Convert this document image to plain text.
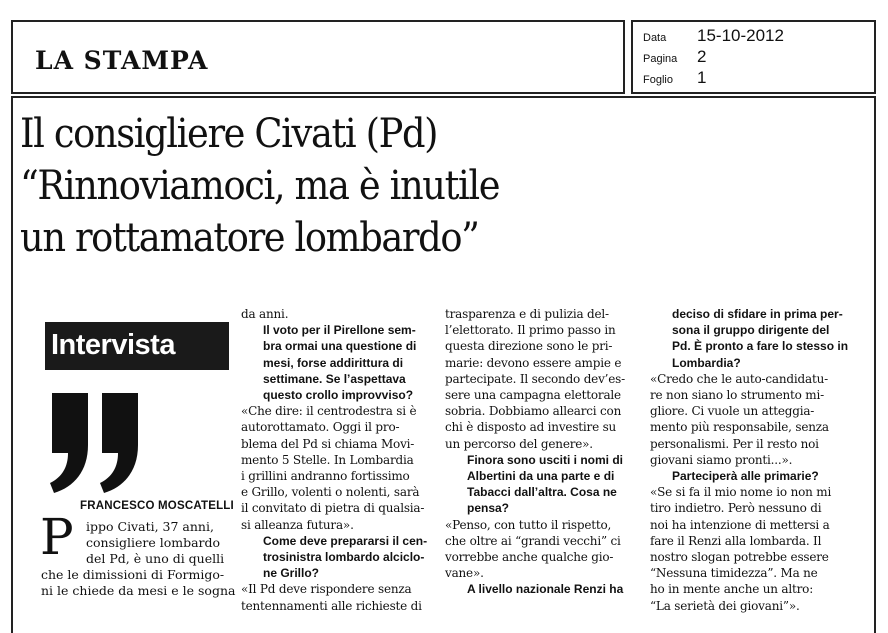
LA STAMPA
Data	15-10-2012
Pagina	2
Foglio	1
Il consigliere Civati (Pd)
“Rinnoviamoci, ma è inutile
un rottamatore lombardo”
Intervista
FRANCESCO MOSCATELLI
P ippo Civati, 37 anni,
consigliere lombardo
del Pd, è uno di quelli
che le dimissioni di Formigo-
ni le chiede da mesi e le sogna

da anni.

Il voto per il Pirellone sem-

bra ormai una questione di

mesi, forse addirittura di

settimane. Se l’aspettava

questo crollo improvviso?

«Che dire: il centrodestra si è

autorottamato. Oggi il pro-

blema del Pd si chiama Movi-

mento 5 Stelle. In Lombardia

i grillini andranno fortissimo

e Grillo, volenti o nolenti, sarà

il convitato di pietra di qualsia-

si alleanza futura».

Come deve prepararsi il cen-

trosinistra lombardo alciclo-

ne Grillo?

«Il Pd deve rispondere senza

tentennamenti alle richieste di

trasparenza e di pulizia del-

l’elettorato. Il primo passo in

questa direzione sono le pri-

marie: devono essere ampie e

partecipate. Il secondo dev’es-

sere una campagna elettorale

sobria. Dobbiamo allearci con

chi è disposto ad investire su

un percorso del genere».

Finora sono usciti i nomi di

Albertini da una parte e di

Tabacci dall’altra. Cosa ne

pensa?

«Penso, con tutto il rispetto,

che oltre ai “grandi vecchi” ci

vorrebbe anche qualche gio-

vane».

A livello nazionale Renzi ha

deciso di sfidare in prima per-

sona il gruppo dirigente del

Pd. È pronto a fare lo stesso in

Lombardia?

«Credo che le auto-candidatu-

re non siano lo strumento mi-

gliore. Ci vuole un atteggia-

mento più responsabile, senza

personalismi. Per il resto noi

giovani siamo pronti...».

Parteciperà alle primarie?

«Se si fa il mio nome io non mi

tiro indietro. Però nessuno di

noi ha intenzione di mettersi a

fare il Renzi alla lombarda. Il

nostro slogan potrebbe essere

“Nessuna timidezza”. Ma ne

ho in mente anche un altro:

“La serietà dei giovani”».
